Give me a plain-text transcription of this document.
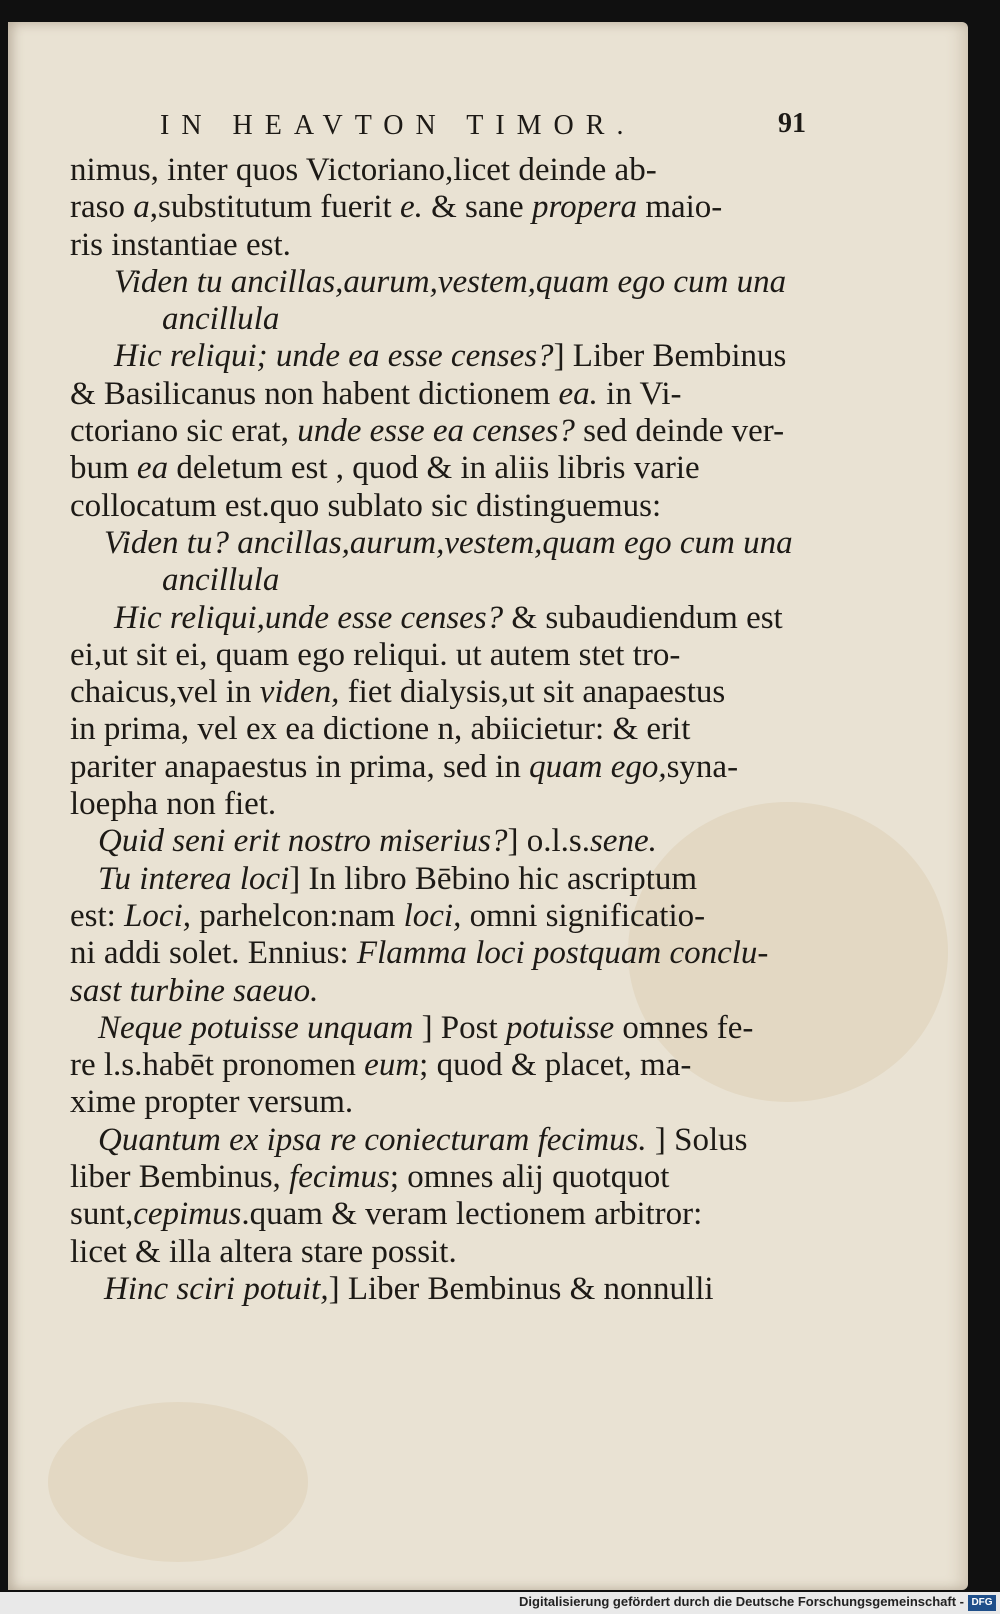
IN HEAVTON TIMOR.	91
nimus, inter quos Victoriano,licet deinde ab-
raso a,substitutum fuerit e. & sane propera maio-
ris instantiae est.
Viden tu ancillas,aurum,vestem,quam ego cum una
ancillula
Hic reliqui; unde ea esse censes?] Liber Bembinus
& Basilicanus non habent dictionem ea. in Vi-
ctoriano sic erat, unde esse ea censes? sed deinde ver-
bum ea deletum est , quod & in aliis libris varie
collocatum est.quo sublato sic distinguemus:
Viden tu? ancillas,aurum,vestem,quam ego cum una
ancillula
Hic reliqui,unde esse censes? & subaudiendum est
ei,ut sit ei, quam ego reliqui. ut autem stet tro-
chaicus,vel in viden, fiet dialysis,ut sit anapaestus
in prima, vel ex ea dictione n, abiicietur: & erit
pariter anapaestus in prima, sed in quam ego,syna-
loepha non fiet.
Quid seni erit nostro miserius?] o.l.s.sene.
Tu interea loci] In libro Bēbino hic ascriptum
est: Loci, parhelcon:nam loci, omni significatio-
ni addi solet. Ennius: Flamma loci postquam conclu-
sast turbine saeuo.
Neque potuisse unquam ] Post potuisse omnes fe-
re l.s.habēt pronomen eum; quod & placet, ma-
xime propter versum.
Quantum ex ipsa re coniecturam fecimus. ] Solus
liber Bembinus, fecimus; omnes alij quotquot
sunt,cepimus.quam & veram lectionem arbitror:
licet & illa altera stare possit.
Hinc sciri potuit,] Liber Bembinus & nonnulli
Digitalisierung gefördert durch die Deutsche Forschungsgemeinschaft - DFG
